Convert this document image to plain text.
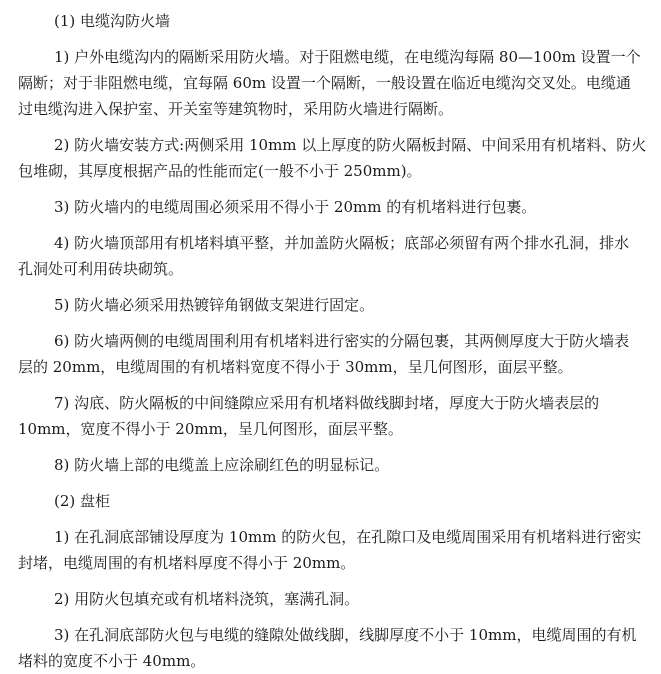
(1) 电缆沟防火墙
1) 户外电缆沟内的隔断采用防火墙。对于阻燃电缆，在电缆沟每隔 80—100m 设置一个
隔断；对于非阻燃电缆，宜每隔 60m 设置一个隔断，一般设置在临近电缆沟交叉处。电缆通
过电缆沟进入保护室、开关室等建筑物时，采用防火墙进行隔断。
2) 防火墙安装方式:两侧采用 10mm 以上厚度的防火隔板封隔、中间采用有机堵料、防火
包堆砌，其厚度根据产品的性能而定(一般不小于 250mm)。
3) 防火墙内的电缆周围必须采用不得小于 20mm 的有机堵料进行包裹。
4) 防火墙顶部用有机堵料填平整，并加盖防火隔板；底部必须留有两个排水孔洞，排水
孔洞处可利用砖块砌筑。
5) 防火墙必须采用热镀锌角钢做支架进行固定。
6) 防火墙两侧的电缆周围利用有机堵料进行密实的分隔包裹，其两侧厚度大于防火墙表
层的 20mm，电缆周围的有机堵料宽度不得小于 30mm，呈几何图形，面层平整。
7) 沟底、防火隔板的中间缝隙应采用有机堵料做线脚封堵，厚度大于防火墙表层的
10mm，宽度不得小于 20mm，呈几何图形，面层平整。
8) 防火墙上部的电缆盖上应涂刷红色的明显标记。
(2) 盘柜
1) 在孔洞底部铺设厚度为 10mm 的防火包，在孔隙口及电缆周围采用有机堵料进行密实
封堵，电缆周围的有机堵料厚度不得小于 20mm。
2) 用防火包填充或有机堵料浇筑，塞满孔洞。
3) 在孔洞底部防火包与电缆的缝隙处做线脚，线脚厚度不小于 10mm，电缆周围的有机
堵料的宽度不小于 40mm。
